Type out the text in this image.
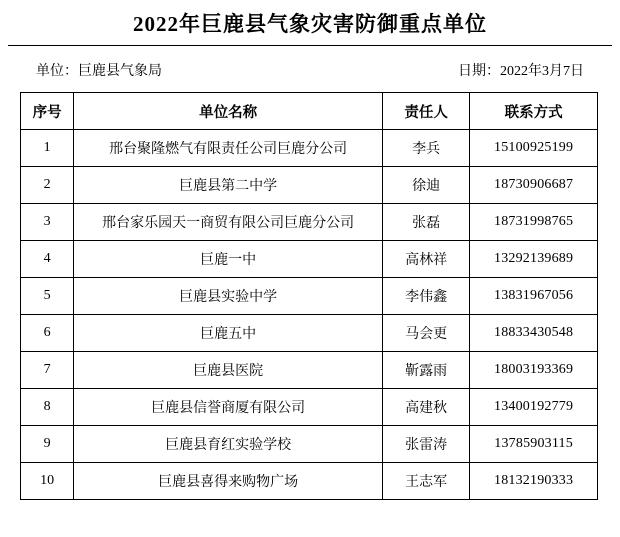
2022年巨鹿县气象灾害防御重点单位
单位：巨鹿县气象局	日期：2022年3月7日
序号	单位名称	责任人	联系方式
1	邢台聚隆燃气有限责任公司巨鹿分公司	李兵	15100925199
2	巨鹿县第二中学	徐迪	18730906687
3	邢台家乐园天一商贸有限公司巨鹿分公司	张磊	18731998765
4	巨鹿一中	高林祥	13292139689
5	巨鹿县实验中学	李伟鑫	13831967056
6	巨鹿五中	马会更	18833430548
7	巨鹿县医院	靳露雨	18003193369
8	巨鹿县信誉商厦有限公司	高建秋	13400192779
9	巨鹿县育红实验学校	张雷涛	13785903115
10	巨鹿县喜得来购物广场	王志军	18132190333
